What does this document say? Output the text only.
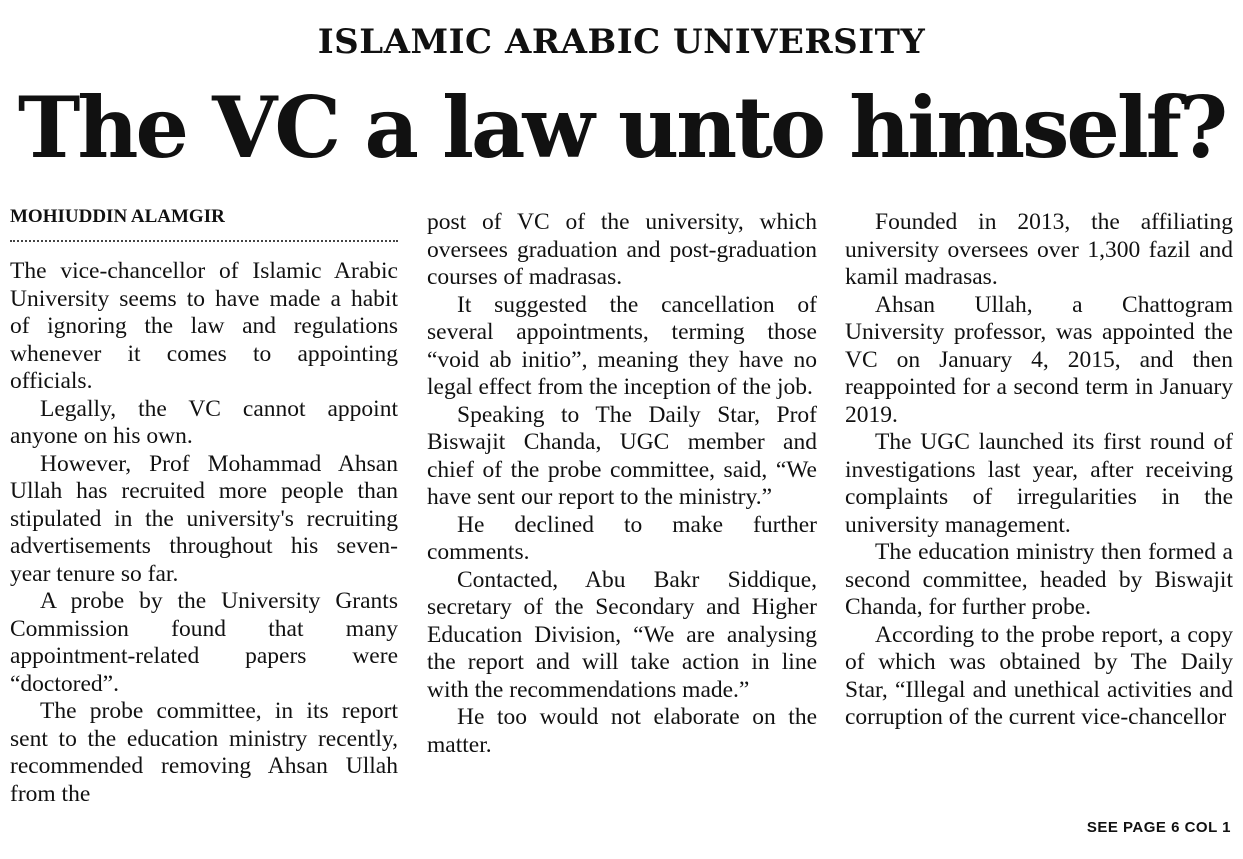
ISLAMIC ARABIC UNIVERSITY
The VC a law unto himself?
MOHIUDDIN ALAMGIR

The vice-chancellor of Islamic Arabic University seems to have made a habit of ignoring the law and regulations whenever it comes to appointing officials.

Legally, the VC cannot appoint anyone on his own.

However, Prof Mohammad Ahsan Ullah has recruited more people than stipulated in the university's recruiting advertisements throughout his seven-year tenure so far.

A probe by the University Grants Commission found that many appointment-related papers were “doctored”.

The probe committee, in its report sent to the education ministry recently, recommended removing Ahsan Ullah from the

post of VC of the university, which oversees graduation and post-graduation courses of madrasas.

It suggested the cancellation of several appointments, terming those “void ab initio”, meaning they have no legal effect from the inception of the job.

Speaking to The Daily Star, Prof Biswajit Chanda, UGC member and chief of the probe committee, said, “We have sent our report to the ministry.”

He declined to make further comments.

Contacted, Abu Bakr Siddique, secretary of the Secondary and Higher Education Division, “We are analysing the report and will take action in line with the recommendations made.”

He too would not elaborate on the matter.

Founded in 2013, the affiliating university oversees over 1,300 fazil and kamil madrasas.

Ahsan Ullah, a Chattogram University professor, was appointed the VC on January 4, 2015, and then reappointed for a second term in January 2019.

The UGC launched its first round of investigations last year, after receiving complaints of irregularities in the university management.

The education ministry then formed a second committee, headed by Biswajit Chanda, for further probe.

According to the probe report, a copy of which was obtained by The Daily Star, “Illegal and unethical activities and corruption of the current vice-chancellor

SEE PAGE 6 COL 1
